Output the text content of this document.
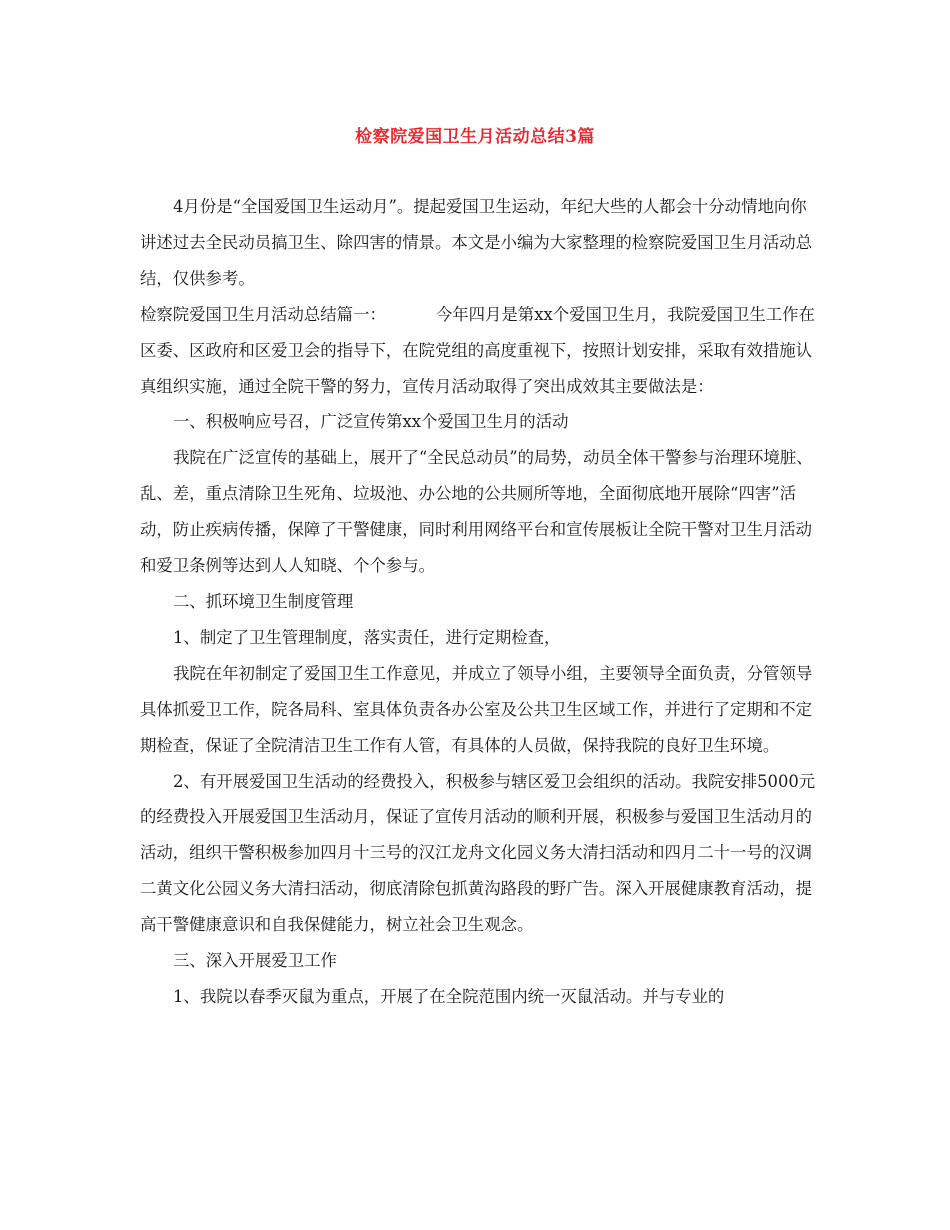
检察院爱国卫生月活动总结3篇

4月份是“全国爱国卫生运动月”。提起爱国卫生运动，年纪大些的人都会十分动情地向你讲述过去全民动员搞卫生、除四害的情景。本文是小编为大家整理的检察院爱国卫生月活动总结，仅供参考。

检察院爱国卫生月活动总结篇一：	今年四月是第xx个爱国卫生月，我院爱国卫生工作在区委、区政府和区爱卫会的指导下，在院党组的高度重视下，按照计划安排，采取有效措施认真组织实施，通过全院干警的努力，宣传月活动取得了突出成效其主要做法是：

一、积极响应号召，广泛宣传第xx个爱国卫生月的活动

我院在广泛宣传的基础上，展开了“全民总动员”的局势，动员全体干警参与治理环境脏、乱、差，重点清除卫生死角、垃圾池、办公地的公共厕所等地，全面彻底地开展除“四害”活动，防止疾病传播，保障了干警健康，同时利用网络平台和宣传展板让全院干警对卫生月活动和爱卫条例等达到人人知晓、个个参与。

二、抓环境卫生制度管理

1、制定了卫生管理制度，落实责任，进行定期检查，

我院在年初制定了爱国卫生工作意见，并成立了领导小组，主要领导全面负责，分管领导具体抓爱卫工作，院各局科、室具体负责各办公室及公共卫生区域工作，并进行了定期和不定期检查，保证了全院清洁卫生工作有人管，有具体的人员做，保持我院的良好卫生环境。

2、有开展爱国卫生活动的经费投入，积极参与辖区爱卫会组织的活动。我院安排5000元的经费投入开展爱国卫生活动月，保证了宣传月活动的顺利开展，积极参与爱国卫生活动月的活动，组织干警积极参加四月十三号的汉江龙舟文化园义务大清扫活动和四月二十一号的汉调二黄文化公园义务大清扫活动，彻底清除包抓黄沟路段的野广告。深入开展健康教育活动，提高干警健康意识和自我保健能力，树立社会卫生观念。

三、深入开展爱卫工作

1、我院以春季灭鼠为重点，开展了在全院范围内统一灭鼠活动。并与专业的
